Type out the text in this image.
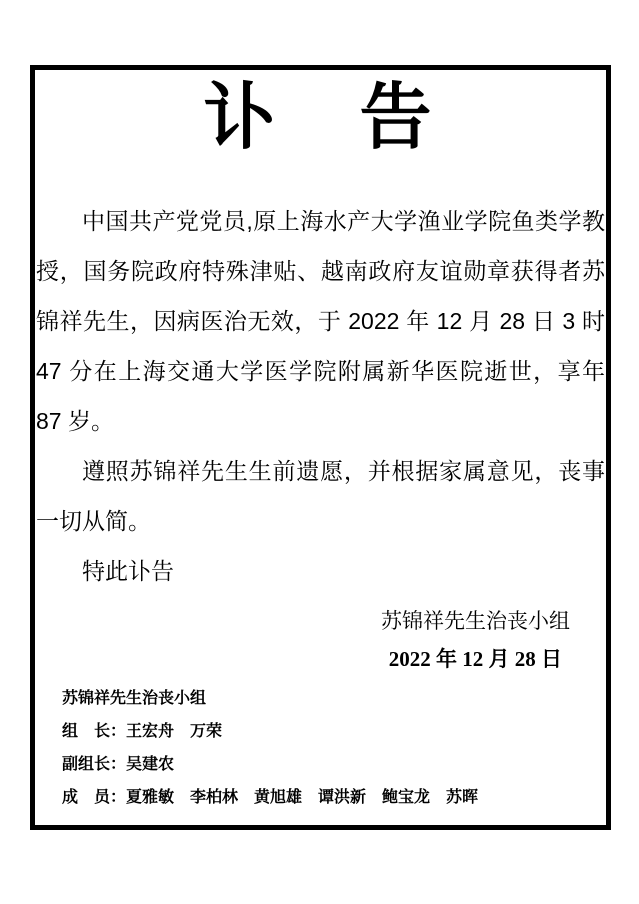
讣　告

中国共产党党员,原上海水产大学渔业学院鱼类学教授，国务院政府特殊津贴、越南政府友谊勋章获得者苏锦祥先生，因病医治无效，于 2022 年 12 月 28 日 3 时 47 分在上海交通大学医学院附属新华医院逝世，享年 87 岁。

遵照苏锦祥先生生前遗愿，并根据家属意见，丧事一切从简。

特此讣告

苏锦祥先生治丧小组
2022 年 12 月 28 日
苏锦祥先生治丧小组
组　长：王宏舟　万荣
副组长：吴建农
成　员：夏雅敏　李柏林　黄旭雄　谭洪新　鲍宝龙　苏晖
